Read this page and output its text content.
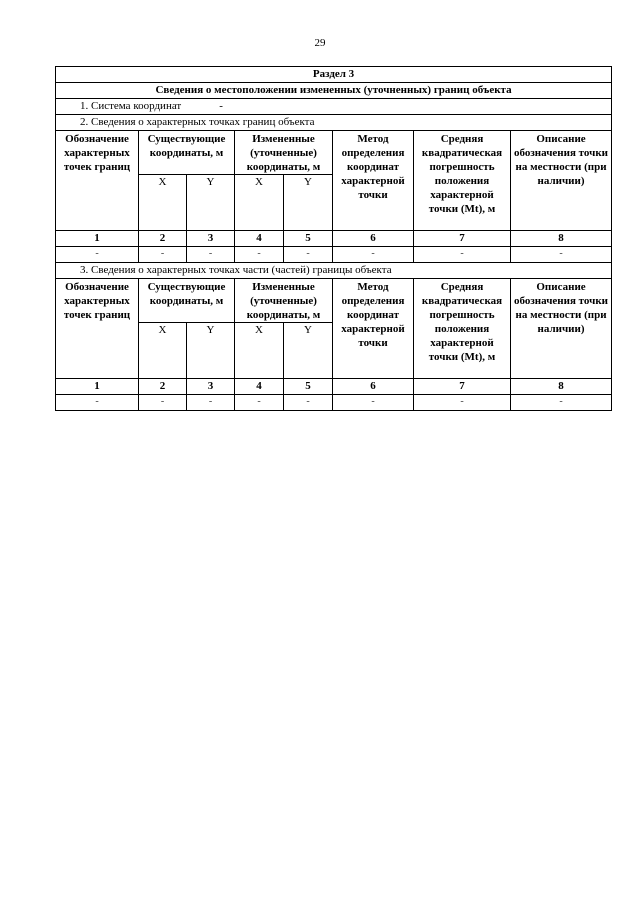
29
Раздел 3							
Сведения о местоположении измененных (уточненных) границ объекта							
1. Система координат -							
2. Сведения о характерных точках границ объекта							
Обозначение характерных точек границ	Существующие координаты, м		Измененные (уточненные) координаты, м		Метод определения координат характерной точки	Средняя квадратическая погрешность положения характерной точки (Mt), м	Описание обозначения точки на местности (при наличии)
	X	Y	X	Y			
1	2	3	4	5	6	7	8
-	-	-	-	-	-	-	-
3. Сведения о характерных точках части (частей) границы объекта							
Обозначение характерных точек границ	Существующие координаты, м		Измененные (уточненные) координаты, м		Метод определения координат характерной точки	Средняя квадратическая погрешность положения характерной точки (Mt), м	Описание обозначения точки на местности (при наличии)
	X	Y	X	Y			
1	2	3	4	5	6	7	8
-	-	-	-	-	-	-	-
